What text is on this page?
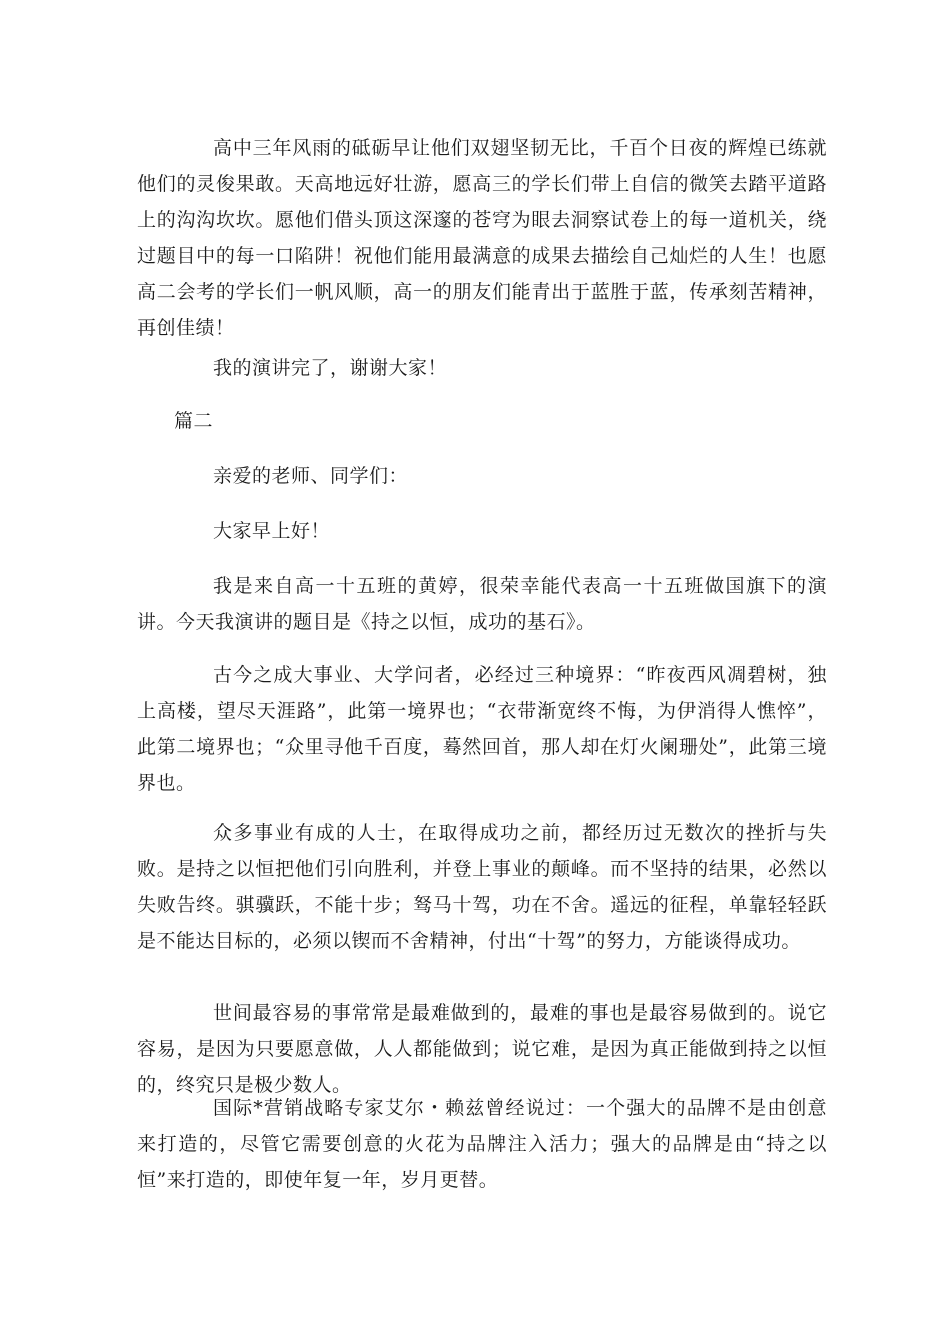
高中三年风雨的砥砺早让他们双翅坚韧无比，千百个日夜的辉煌已练就他们的灵俊果敢。天高地远好壮游，愿高三的学长们带上自信的微笑去踏平道路上的沟沟坎坎。愿他们借头顶这深邃的苍穹为眼去洞察试卷上的每一道机关，绕过题目中的每一口陷阱！祝他们能用最满意的成果去描绘自己灿烂的人生！也愿高二会考的学长们一帆风顺，高一的朋友们能青出于蓝胜于蓝，传承刻苦精神，再创佳绩！

我的演讲完了，谢谢大家！

篇二

亲爱的老师、同学们：

大家早上好！

我是来自高一十五班的黄婷，很荣幸能代表高一十五班做国旗下的演讲。今天我演讲的题目是《持之以恒，成功的基石》。

古今之成大事业、大学问者，必经过三种境界：“昨夜西风凋碧树，独上高楼，望尽天涯路”，此第一境界也；“衣带渐宽终不悔，为伊消得人憔悴”，此第二境界也；“众里寻他千百度，蓦然回首，那人却在灯火阑珊处”，此第三境界也。

众多事业有成的人士，在取得成功之前，都经历过无数次的挫折与失败。是持之以恒把他们引向胜利，并登上事业的颠峰。而不坚持的结果，必然以失败告终。骐骥跃，不能十步；驽马十驾，功在不舍。遥远的征程，单靠轻轻跃是不能达目标的，必须以锲而不舍精神，付出“十驾”的努力，方能谈得成功。

世间最容易的事常常是最难做到的，最难的事也是最容易做到的。说它容易，是因为只要愿意做，人人都能做到；说它难，是因为真正能做到持之以恒的，终究只是极少数人。

国际*营销战略专家艾尔・赖兹曾经说过：一个强大的品牌不是由创意来打造的，尽管它需要创意的火花为品牌注入活力；强大的品牌是由“持之以恒”来打造的，即使年复一年，岁月更替。
